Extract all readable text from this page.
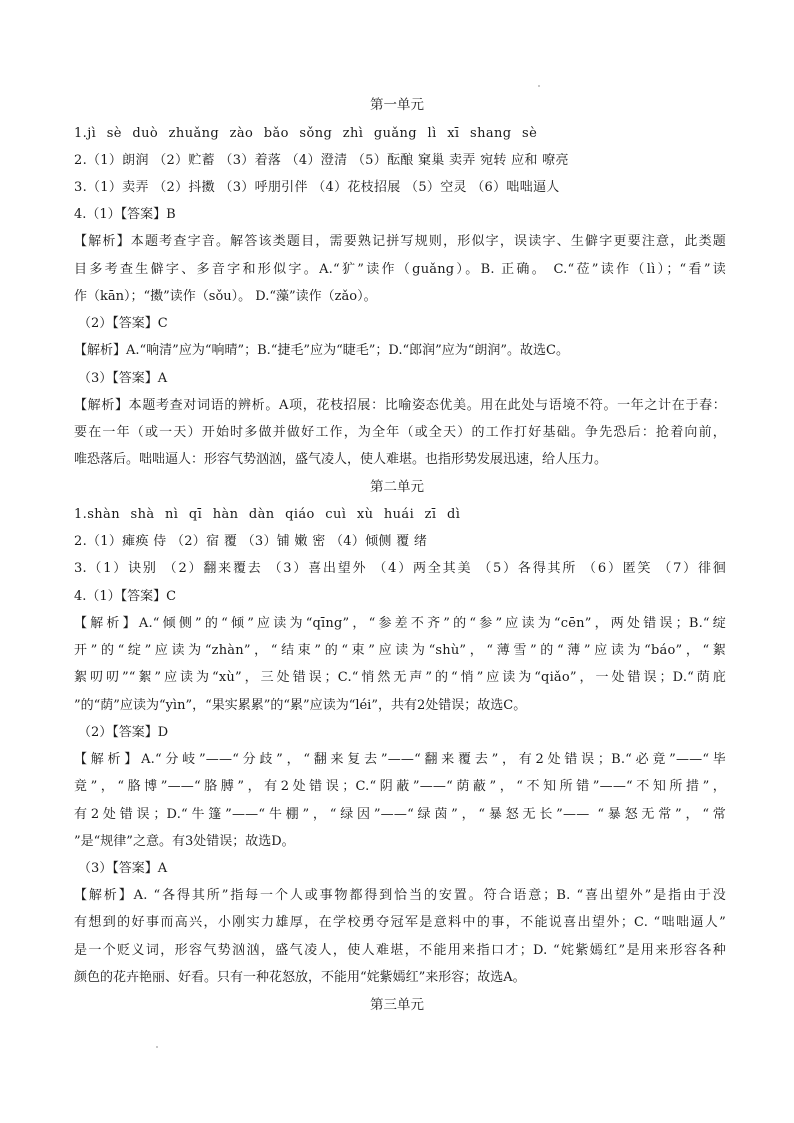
第一单元
1.jì sè duò zhuǎng zào bǎo sǒng zhì guǎng lì xī shang sè
2.（1）朗润 （2）贮蓄 （3）着落 （4）澄清 （5）酝酿 窠巢 卖弄 宛转 应和 嘹亮
3.（1）卖弄 （2）抖擞 （3）呼朋引伴 （4）花枝招展 （5）空灵 （6）咄咄逼人
4.（1）【答案】B
【解析】本题考查字音。解答该类题目，需要熟记拼写规则，形似字，误读字、生僻字更要注意，此类题
目多考查生僻字、多音字和形似字。A.“犷”读作（guǎng）。B. 正确。 C.“莅”读作（lì）；“看”读
作（kān）；“擞”读作（sǒu）。 D.“藻”读作（zǎo）。
（2）【答案】C
【解析】A.“响清”应为“响晴”；B.“捷毛”应为“睫毛”；D.“郎润”应为“朗润”。故选C。
（3）【答案】A
【解析】本题考查对词语的辨析。A项，花枝招展：比喻姿态优美。用在此处与语境不符。一年之计在于春：
要在一年（或一天）开始时多做并做好工作，为全年（或全天）的工作打好基础。争先恐后：抢着向前，
唯恐落后。咄咄逼人：形容气势汹汹，盛气凌人，使人难堪。也指形势发展迅速，给人压力。
第二单元
1.shàn shà nì qī hàn dàn qiáo cuì xù huái zī dì
2.（1）瘫痪 侍 （2）宿 覆 （3）铺 嫩 密 （4）倾侧 覆 绪
3.（1）诀别 （2）翻来覆去 （3）喜出望外 （4）两全其美 （5）各得其所 （6）匿笑 （7）徘徊
4.（1）【答案】C
【解析】A.“倾侧”的“倾”应读为“qīng”，“参差不齐”的“参”应读为“cēn”，两处错误；B.“绽
开”的“绽”应读为“zhàn”，“结束”的“束”应读为“shù”，“薄雪”的“薄”应读为“báo”，“絮
絮叨叨”“絮”应读为“xù”，三处错误；C.“悄然无声”的“悄”应读为“qiǎo”，一处错误；D.“荫庇
”的“荫”应读为“yìn”，“果实累累”的“累”应读为“léi”，共有2处错误；故选C。
（2）【答案】D
【解析】A.“分岐”——“分歧”，“翻来复去”——“翻来覆去”，有2处错误；B.“必竟”——“毕
竟”，“胳博”——“胳膊”，有2处错误；C.“阴蔽”——“荫蔽”，“不知所错”——“不知所措”，
有2处错误；D.“牛篷”——“牛棚”，“绿因”——“绿茵”，“暴怒无长”—— “暴怒无常”，“常
”是“规律”之意。有3处错误；故选D。
（3）【答案】A
【解析】A. “各得其所”指每一个人或事物都得到恰当的安置。符合语意；B. “喜出望外”是指由于没
有想到的好事而高兴，小刚实力雄厚，在学校勇夺冠军是意料中的事，不能说喜出望外；C. “咄咄逼人”
是一个贬义词，形容气势汹汹，盛气凌人，使人难堪，不能用来指口才；D. “姹紫嫣红”是用来形容各种
颜色的花卉艳丽、好看。只有一种花怒放，不能用“姹紫嫣红”来形容；故选A。
第三单元
